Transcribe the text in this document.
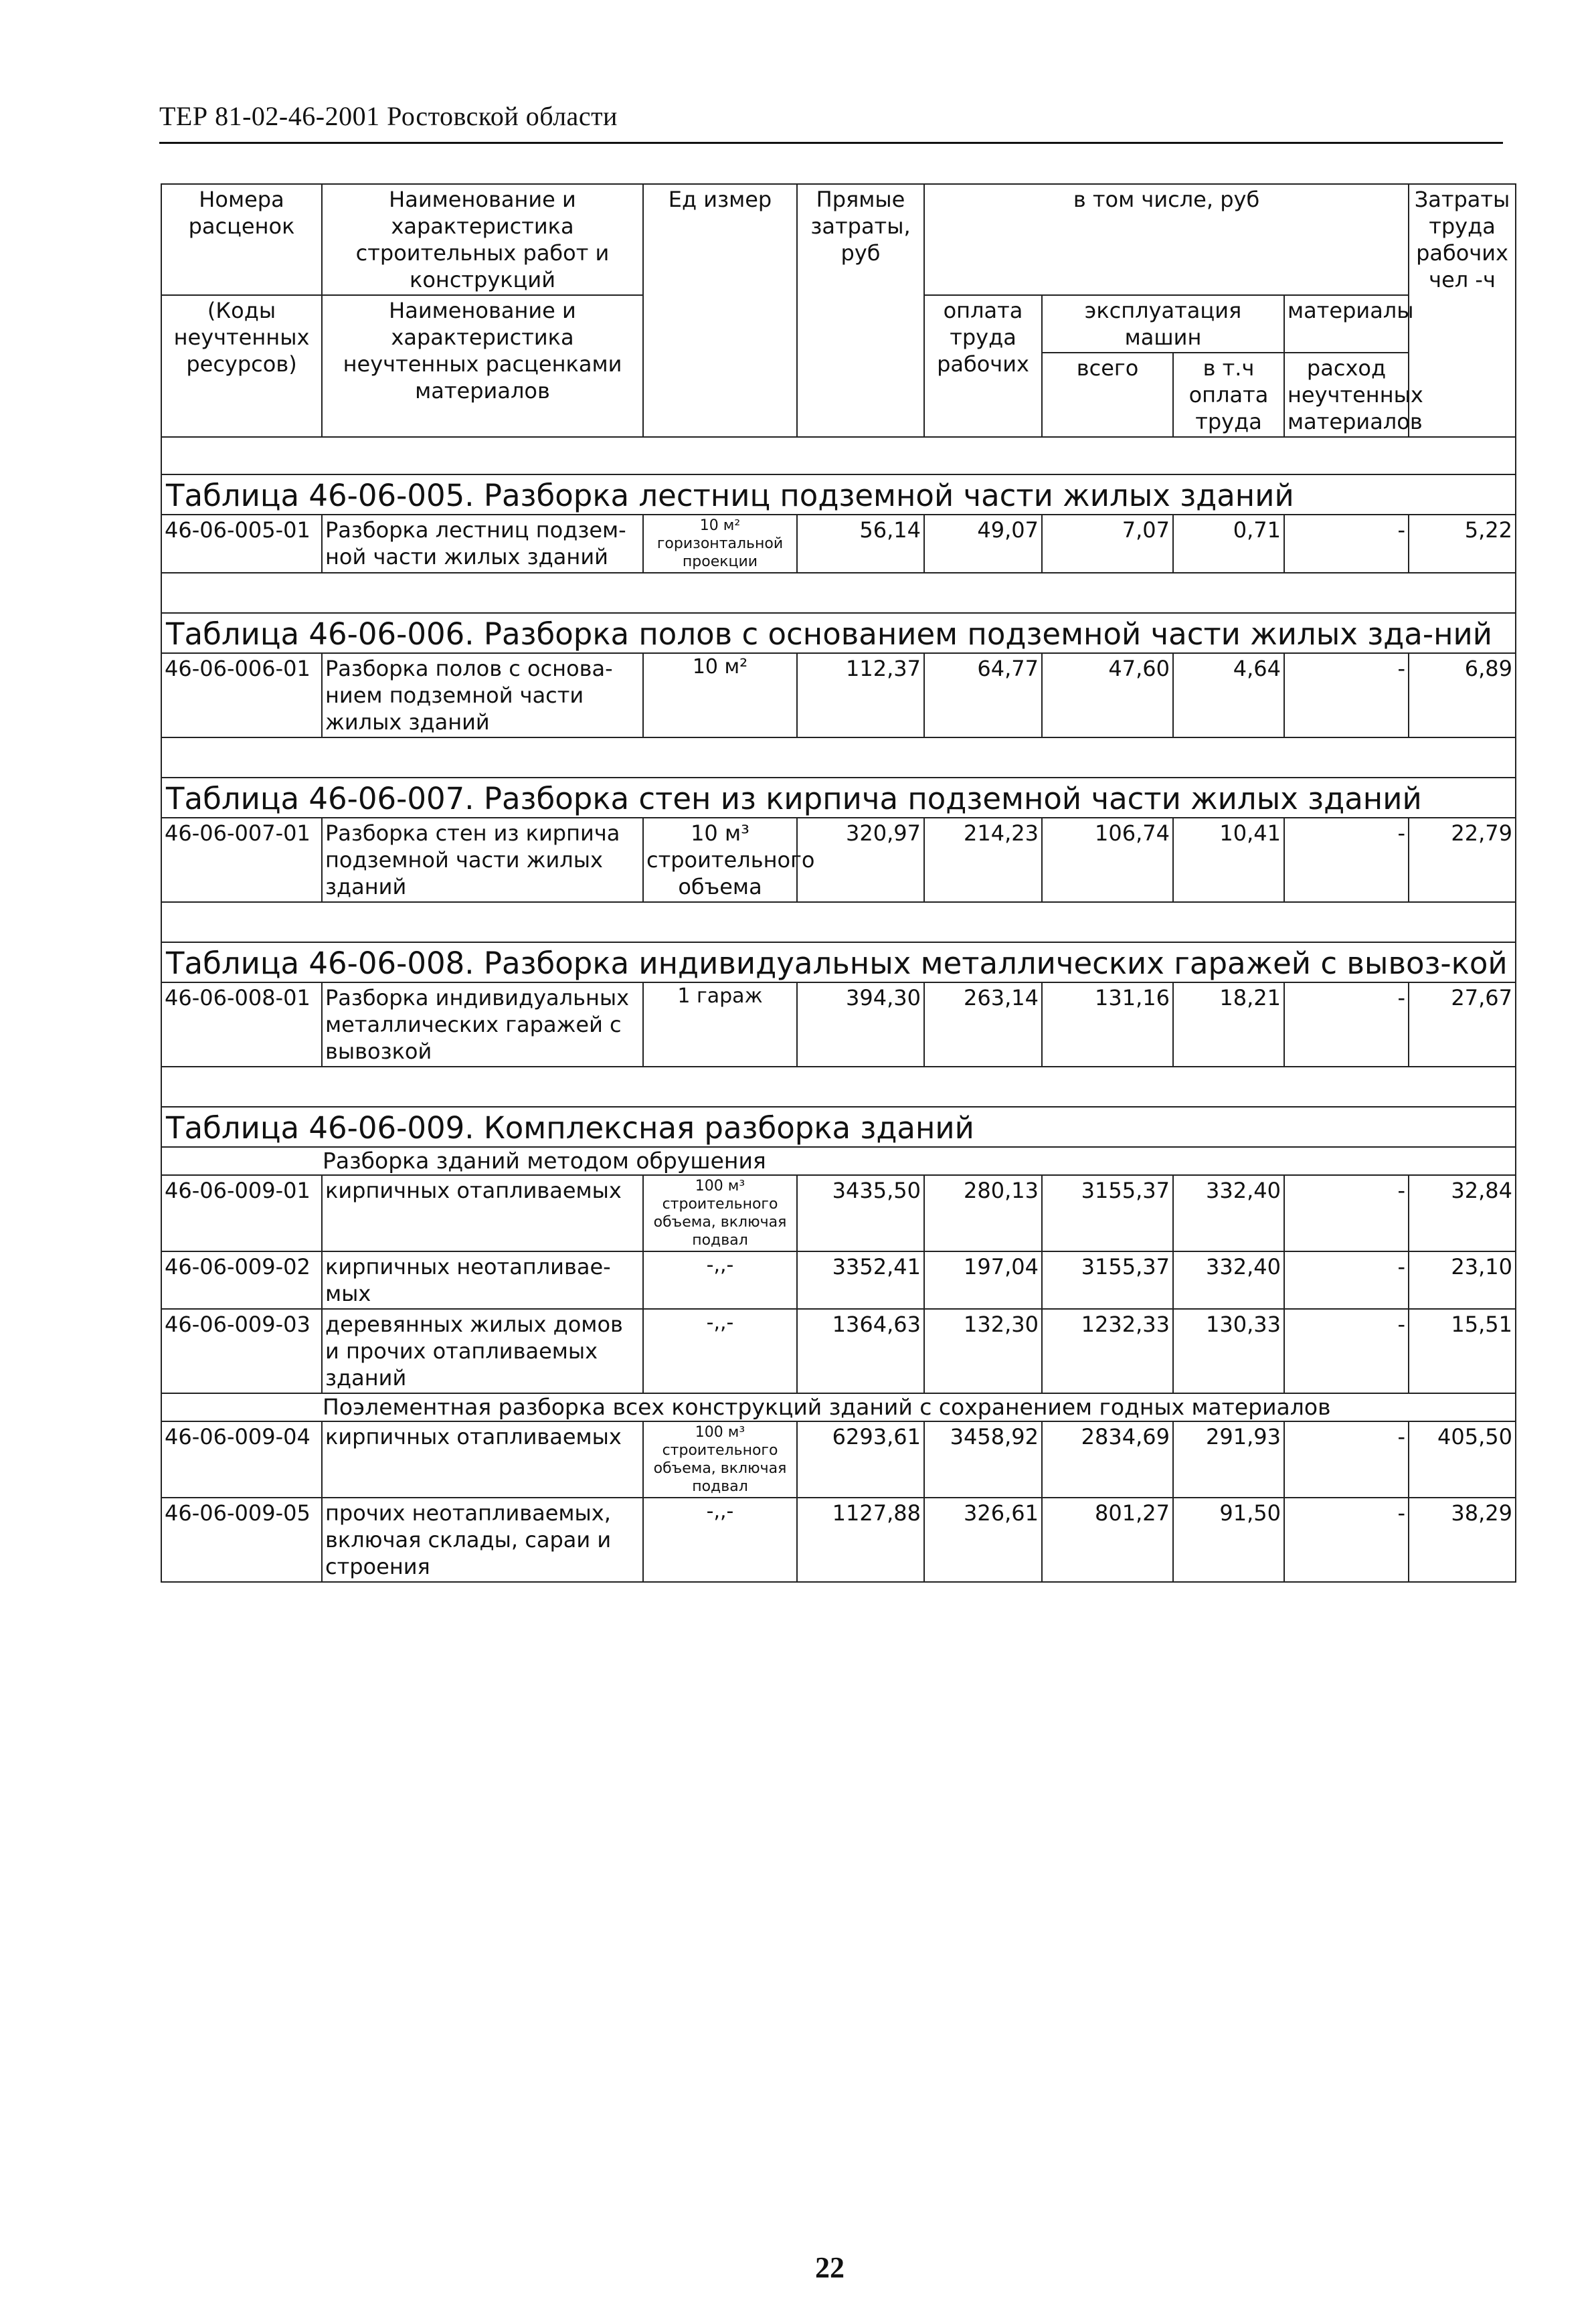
ТЕР 81-02-46-2001 Ростовской области
Номера расценок	Наименование и характеристика строительных работ и конструкций	Ед измер	Прямые затраты, руб	в том числе, руб				Затраты труда рабочих чел -ч
(Коды неучтенных ресурсов)	Наименование и характеристика неучтенных расценками материалов			оплата труда рабочих	эксплуатация машин		материалы	
					всего	в т.ч оплата труда	расход неучтенных материалов	

Таблица 46-06-005. Разборка лестниц подземной части жилых зданий								
46-06-005-01	Разборка лестниц подзем-ной части жилых зданий	10 м² горизонтальной проекции	56,14	49,07	7,07	0,71	-	5,22

Таблица 46-06-006. Разборка полов с основанием подземной части жилых зда-ний								
46-06-006-01	Разборка полов с основа-нием подземной части жилых зданий	10 м²	112,37	64,77	47,60	4,64	-	6,89

Таблица 46-06-007. Разборка стен из кирпича подземной части жилых зданий								
46-06-007-01	Разборка стен из кирпича подземной части жилых зданий	10 м³ строительного объема	320,97	214,23	106,74	10,41	-	22,79

Таблица 46-06-008. Разборка индивидуальных металлических гаражей с вывоз-кой								
46-06-008-01	Разборка индивидуальных металлических гаражей с вывозкой	1 гараж	394,30	263,14	131,16	18,21	-	27,67

Таблица 46-06-009. Комплексная разборка зданий								
Разборка зданий методом обрушения								
46-06-009-01	кирпичных отапливаемых	100 м³ строительного объема, включая подвал	3435,50	280,13	3155,37	332,40	-	32,84
46-06-009-02	кирпичных неотапливае-мых	-,,-	3352,41	197,04	3155,37	332,40	-	23,10
46-06-009-03	деревянных жилых домов и прочих отапливаемых зданий	-,,-	1364,63	132,30	1232,33	130,33	-	15,51
Поэлементная разборка всех конструкций зданий с сохранением годных материалов								
46-06-009-04	кирпичных отапливаемых	100 м³ строительного объема, включая подвал	6293,61	3458,92	2834,69	291,93	-	405,50
46-06-009-05	прочих неотапливаемых, включая склады, сараи и строения	-,,-	1127,88	326,61	801,27	91,50	-	38,29
22
